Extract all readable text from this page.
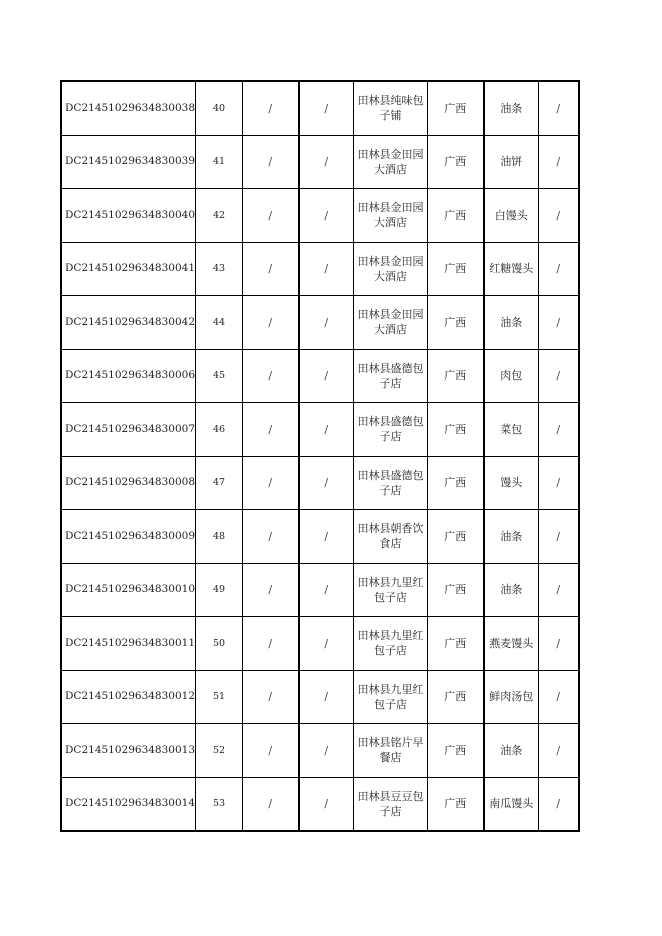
DC21451029634830038	40	/	/	田林县纯味包子铺	广西	油条	/
DC21451029634830039	41	/	/	田林县金田园大酒店	广西	油饼	/
DC21451029634830040	42	/	/	田林县金田园大酒店	广西	白馒头	/
DC21451029634830041	43	/	/	田林县金田园大酒店	广西	红糖馒头	/
DC21451029634830042	44	/	/	田林县金田园大酒店	广西	油条	/
DC21451029634830006	45	/	/	田林县盛德包子店	广西	肉包	/
DC21451029634830007	46	/	/	田林县盛德包子店	广西	菜包	/
DC21451029634830008	47	/	/	田林县盛德包子店	广西	馒头	/
DC21451029634830009	48	/	/	田林县朝香饮食店	广西	油条	/
DC21451029634830010	49	/	/	田林县九里红包子店	广西	油条	/
DC21451029634830011	50	/	/	田林县九里红包子店	广西	燕麦馒头	/
DC21451029634830012	51	/	/	田林县九里红包子店	广西	鲜肉汤包	/
DC21451029634830013	52	/	/	田林县铭片早餐店	广西	油条	/
DC21451029634830014	53	/	/	田林县豆豆包子店	广西	南瓜馒头	/
